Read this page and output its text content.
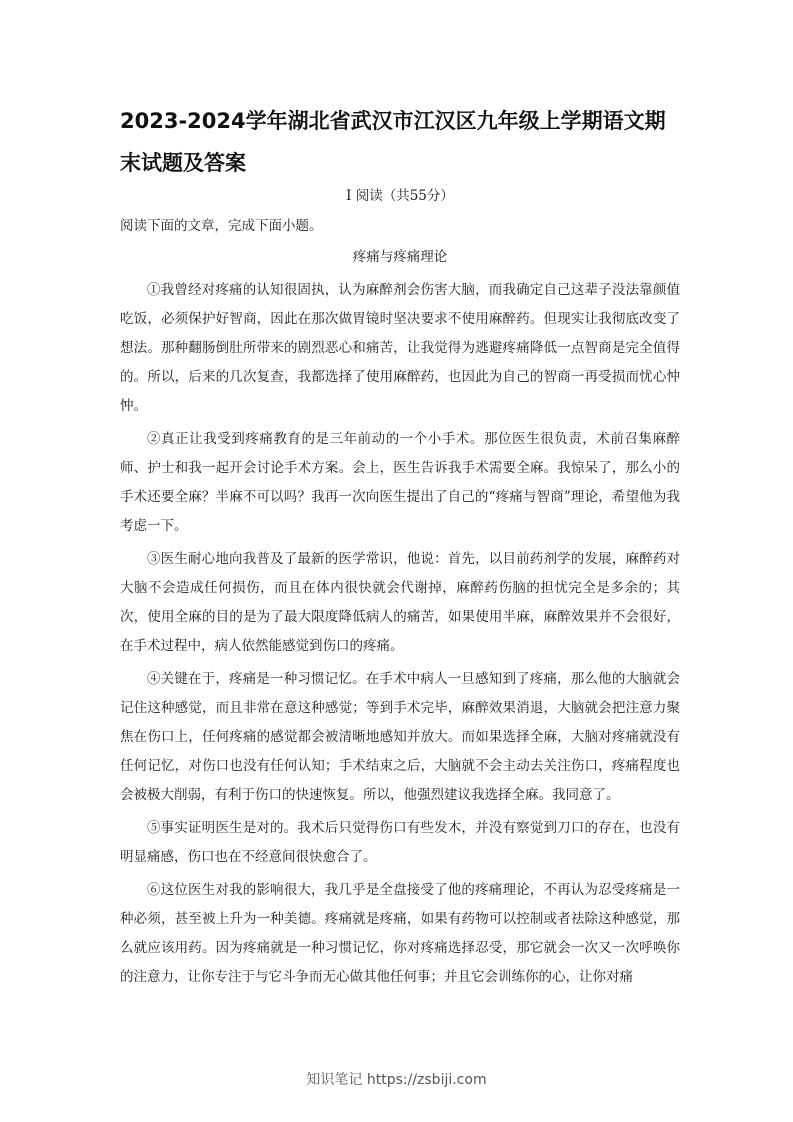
2023-2024学年湖北省武汉市江汉区九年级上学期语文期末试题及答案

I 阅读（共55分）

阅读下面的文章，完成下面小题。

疼痛与疼痛理论

①我曾经对疼痛的认知很固执，认为麻醉剂会伤害大脑，而我确定自己这辈子没法靠颜值吃饭，必须保护好智商，因此在那次做胃镜时坚决要求不使用麻醉药。但现实让我彻底改变了想法。那种翻肠倒肚所带来的剧烈恶心和痛苦，让我觉得为逃避疼痛降低一点智商是完全值得的。所以，后来的几次复查，我都选择了使用麻醉药，也因此为自己的智商一再受损而忧心忡忡。

②真正让我受到疼痛教育的是三年前动的一个小手术。那位医生很负责，术前召集麻醉师、护士和我一起开会讨论手术方案。会上，医生告诉我手术需要全麻。我惊呆了，那么小的手术还要全麻？半麻不可以吗？我再一次向医生提出了自己的“疼痛与智商”理论，希望他为我考虑一下。

③医生耐心地向我普及了最新的医学常识，他说：首先，以目前药剂学的发展，麻醉药对大脑不会造成任何损伤，而且在体内很快就会代谢掉，麻醉药伤脑的担忧完全是多余的；其次，使用全麻的目的是为了最大限度降低病人的痛苦，如果使用半麻，麻醉效果并不会很好，在手术过程中，病人依然能感觉到伤口的疼痛。

④关键在于，疼痛是一种习惯记忆。在手术中病人一旦感知到了疼痛，那么他的大脑就会记住这种感觉，而且非常在意这种感觉；等到手术完毕，麻醉效果消退，大脑就会把注意力聚焦在伤口上，任何疼痛的感觉都会被清晰地感知并放大。而如果选择全麻，大脑对疼痛就没有任何记忆，对伤口也没有任何认知；手术结束之后，大脑就不会主动去关注伤口，疼痛程度也会被极大削弱，有利于伤口的快速恢复。所以，他强烈建议我选择全麻。我同意了。

⑤事实证明医生是对的。我术后只觉得伤口有些发木，并没有察觉到刀口的存在，也没有明显痛感，伤口也在不经意间很快愈合了。

⑥这位医生对我的影响很大，我几乎是全盘接受了他的疼痛理论，不再认为忍受疼痛是一种必须，甚至被上升为一种美德。疼痛就是疼痛，如果有药物可以控制或者祛除这种感觉，那么就应该用药。因为疼痛就是一种习惯记忆，你对疼痛选择忍受，那它就会一次又一次呼唤你的注意力，让你专注于与它斗争而无心做其他任何事；并且它会训练你的心，让你对痛

知识笔记 https://zsbiji.com
